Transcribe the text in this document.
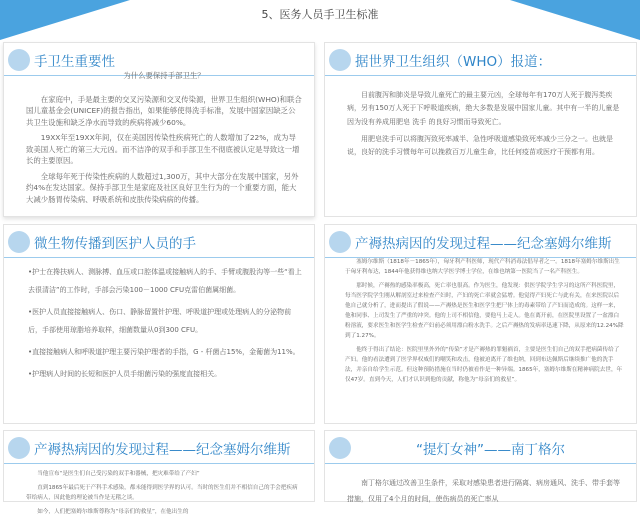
5、医务人员手卫生标准
手卫生重要性

为什么要保持手部卫生？

在家庭中，手是最主要的交叉污染源和交叉传染源，世界卫生组织(WHO)和联合国儿童基金会(UNICEF)的报告指出，如果能够使得洗手标准，发展中国家因缺乏公共卫生设施和缺乏净水而导致的疾病将减少60%。

19XX年至19XX年间，仅在美国因传染性疾病死亡的人数增加了22%，成为导致美国人死亡的第三大元凶。而不洁净的双手和手部卫生不彻底被认定是导致这一增长的主要原因。

全球每年死于传染性疾病的人数超过1,300万，其中大部分在发展中国家，另外约4%在发达国家。保持手部卫生是家庭及社区良好卫生行为的一个重要方面，能大大减少肠胃传染病、呼吸系统和皮肤传染病病的传播。

据世界卫生组织（WHO）报道：

目前腹泻和肺炎是导致儿童死亡的最主要元凶，全球每年有170万人死于腹泻类疾病，另有150万人死于下呼吸道疾病，绝大多数是发展中国家儿童。其中有一半的儿童是因为没有养成用肥皂 洗手 的良好习惯而导致死亡。

用肥皂洗手可以将腹泻致死率减半、急性呼吸道感染致死率减少三分之一。也就是说，良好的洗手习惯每年可以挽救百万儿童生命，比任何疫苗或医疗干预都有用。

微生物传播到医护人员的手

•护士在搀扶病人、测脉搏、血压或口腔体温或接触病人的手、手臂或腹股沟等一些“看上去很清洁”的工作时，手部会污染100－1000 CFU克雷伯菌属细菌。

•医护人员直接接触病人、伤口、静脉留置针护理、呼吸道护理或处理病人的分泌物前后，手部使用琼脂培养取样，细菌数量从0到300 CFU。

•直接接触病人和呼吸道护理主要污染护理者的手指，G - 杆菌占15%，金葡菌为11%。

•护理病人时间的长短和医护人员手细菌污染的强度直接相关。

产褥热病因的发现过程——纪念塞姆尔维斯

塞姆尔维斯（1818年－1865年），匈牙利产科医师，现代产科消毒法倡导者之一。1818年塞姆尔维斯出生于匈牙利布达，1844年他获得维也纳大学医学博士学位，在维也纳第一医院当了一名产科医生。

那时候，产褥热的感染率极高，死亡率也很高。作为医生，他发现：供医学院学生学习的这所产科医院里，每当医学院学生刚从解剖室过来检查产妇时，产妇的死亡率就会猛增。他觉得产妇死亡与此有关，在来医院以后他自己就分析了，进而提出了假说——产褥热是医生和医学生把尸体上的毒素带给了产妇而造成的。这样一来，他和同事、上司发生了严重的冲突。他的上司不相信他，要他马上走人。他在离开前，在医院里设置了一盆漂白粉溶液，要求医生和医学生检查产妇前必须用漂白粉水洗手。之后产褥热的发病率迅速下降，从原来的12.24%降到了1.27%。

他终于得出了结论：医院里里外外的“传染”才是产褥热的罪魁祸首，主要是医生们自己的双手把病菌传给了产妇。他的看法遭到了医学界权威们的嘲笑和攻击，他被迫离开了维也纳，回到布达佩斯后继续推广他的洗手法，并亲自给学生示范。但这种预防措施在当时仍被看作是一种异端。1865年，塞姆尔维斯在精神病院去世，年仅47岁。直到今天，人们才认识到他的贡献，称他为“母亲们的救星”。

产褥热病因的发现过程——纪念塞姆尔维斯

当他宣布“是医生们自己受污染的双手和器械，把灾难带给了产妇”

直到1865年最后死于产科手术感染，都未能得到医学界的认可。当时的医生们并不相信自己的手会把疾病带给病人，因此他的理论被当作是无稽之谈。

如今，人们把塞姆尔维斯尊称为“母亲们的救星”，在他出生的

“提灯女神”——南丁格尔

南丁格尔通过改善卫生条件，采取对感染患者进行隔离、病房通风、洗手、带手套等措施，仅用了4个月的时间，使伤病员的死亡率从
